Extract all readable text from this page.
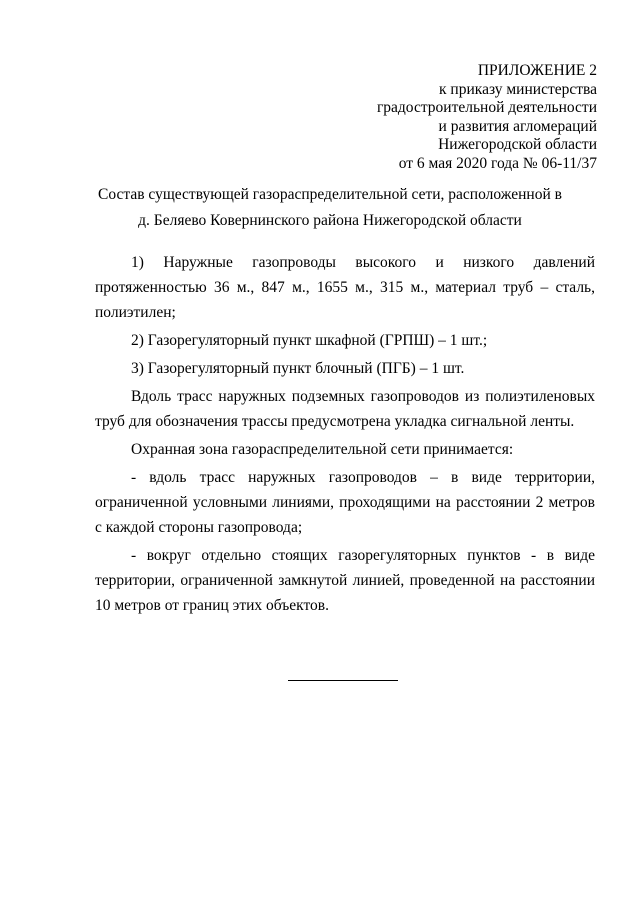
ПРИЛОЖЕНИЕ 2
к приказу министерства
градостроительной деятельности
и развития агломераций
Нижегородской области
от 6 мая 2020 года № 06-11/37
Состав существующей газораспределительной сети, расположенной в
д. Беляево Ковернинского района Нижегородской области

1) Наружные газопроводы высокого и низкого давлений протяженностью 36 м., 847 м., 1655 м., 315 м., материал труб – сталь, полиэтилен;

2) Газорегуляторный пункт шкафной (ГРПШ) – 1 шт.;

3) Газорегуляторный пункт блочный (ПГБ) – 1 шт.

Вдоль трасс наружных подземных газопроводов из полиэтиленовых труб для обозначения трассы предусмотрена укладка сигнальной ленты.

Охранная зона газораспределительной сети принимается:

- вдоль трасс наружных газопроводов – в виде территории, ограниченной условными линиями, проходящими на расстоянии 2 метров с каждой стороны газопровода;

- вокруг отдельно стоящих газорегуляторных пунктов - в виде территории, ограниченной замкнутой линией, проведенной на расстоянии 10 метров от границ этих объектов.
